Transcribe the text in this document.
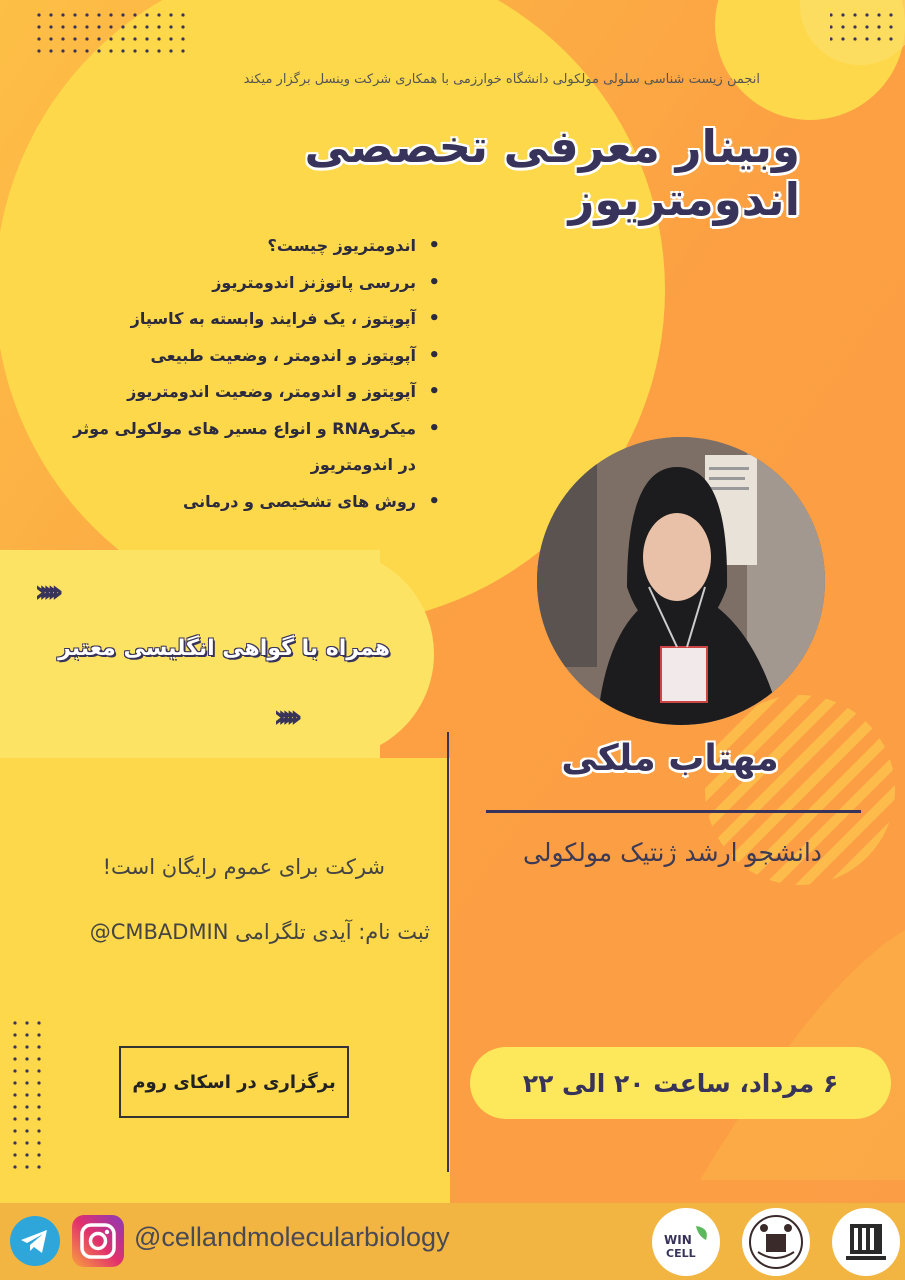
انجمن زیست شناسی سلولی مولکولی دانشگاه خوارزمی با همکاری شرکت وینسل برگزار میکند
وبینار معرفی تخصصی اندومتریوز
• اندومتریوز چیست؟
• بررسی پاتوژنز اندومتریوز
• آپوپتوز ، یک فرایند وابسته به کاسپاز
• آپوپتوز و اندومتر ، وضعیت طبیعی
• آپوپتوز و اندومتر، وضعیت اندومتریوز
• میکروRNA و انواع مسیر های مولکولی موثر
در اندومتریوز
• روش های تشخیصی و درمانی
›››››
همراه با گواهی انگلیسی معتبر
›››››
مهتاب ملکی
دانشجو ارشد ژنتیک مولکولی
شرکت برای عموم رایگان است!
ثبت نام: آیدی تلگرامی CMBADMIN@
برگزاری در اسکای روم	۶ مرداد، ساعت ۲۰ الی ۲۲
@cellandmolecularbiology	WIN
CELL
